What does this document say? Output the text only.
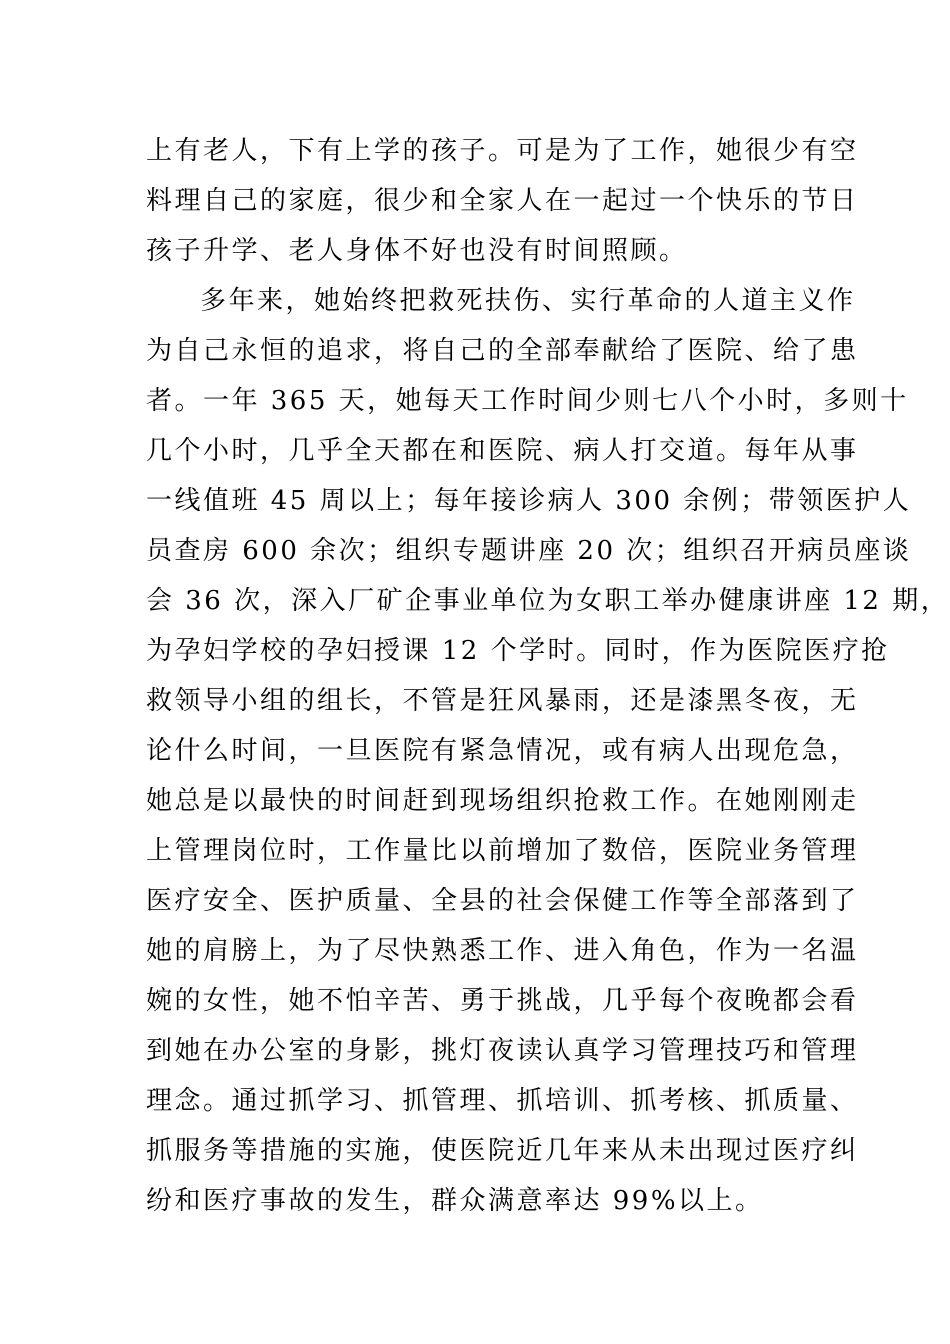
上有老人，下有上学的孩子。可是为了工作，她很少有空
料理自己的家庭，很少和全家人在一起过一个快乐的节日
孩子升学、老人身体不好也没有时间照顾。
多年来，她始终把救死扶伤、实行革命的人道主义作
为自己永恒的追求，将自己的全部奉献给了医院、给了患
者。一年 365 天，她每天工作时间少则七八个小时，多则十
几个小时，几乎全天都在和医院、病人打交道。每年从事
一线值班 45 周以上；每年接诊病人 300 余例；带领医护人
员查房 600 余次；组织专题讲座 20 次；组织召开病员座谈
会 36 次，深入厂矿企事业单位为女职工举办健康讲座 12 期，
为孕妇学校的孕妇授课 12 个学时。同时，作为医院医疗抢
救领导小组的组长，不管是狂风暴雨，还是漆黑冬夜，无
论什么时间，一旦医院有紧急情况，或有病人出现危急，
她总是以最快的时间赶到现场组织抢救工作。在她刚刚走
上管理岗位时，工作量比以前增加了数倍，医院业务管理
医疗安全、医护质量、全县的社会保健工作等全部落到了
她的肩膀上，为了尽快熟悉工作、进入角色，作为一名温
婉的女性，她不怕辛苦、勇于挑战，几乎每个夜晚都会看
到她在办公室的身影，挑灯夜读认真学习管理技巧和管理
理念。通过抓学习、抓管理、抓培训、抓考核、抓质量、
抓服务等措施的实施，使医院近几年来从未出现过医疗纠
纷和医疗事故的发生，群众满意率达 99%以上。
